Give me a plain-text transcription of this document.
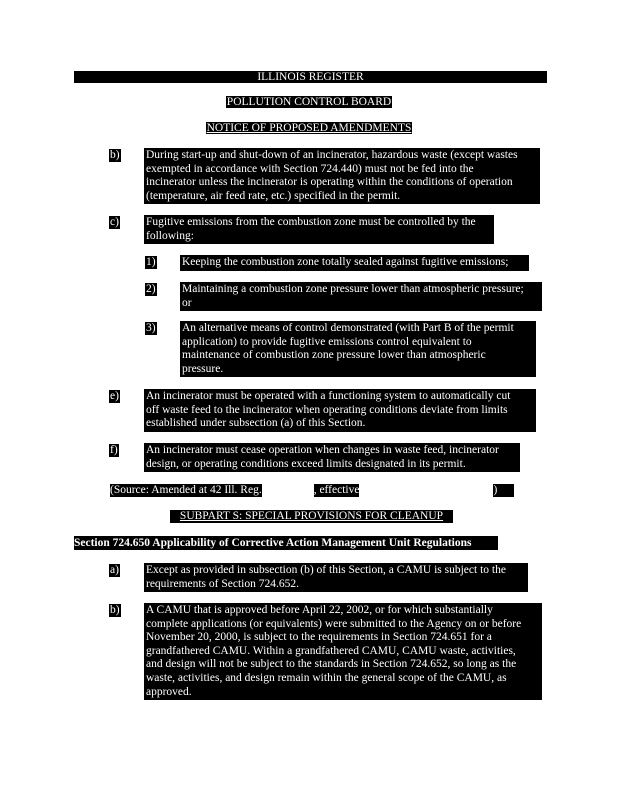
ILLINOIS REGISTER
POLLUTION CONTROL BOARD
NOTICE OF PROPOSED AMENDMENTS
b) During start-up and shut-down of an incinerator, hazardous waste (except wastes
exempted in accordance with Section 724.440) must not be fed into the
incinerator unless the incinerator is operating within the conditions of operation
(temperature, air feed rate, etc.) specified in the permit.
c) Fugitive emissions from the combustion zone must be controlled by the
following:
1) Keeping the combustion zone totally sealed against fugitive emissions;
2) Maintaining a combustion zone pressure lower than atmospheric pressure;
or
3) An alternative means of control demonstrated (with Part B of the permit
application) to provide fugitive emissions control equivalent to
maintenance of combustion zone pressure lower than atmospheric
pressure.
e) An incinerator must be operated with a functioning system to automatically cut
off waste feed to the incinerator when operating conditions deviate from limits
established under subsection (a) of this Section.
f) An incinerator must cease operation when changes in waste feed, incinerator
design, or operating conditions exceed limits designated in its permit.
(Source: Amended at 42 Ill. Reg.	, effective	)
SUBPART S: SPECIAL PROVISIONS FOR CLEANUP
Section 724.650 Applicability of Corrective Action Management Unit Regulations
a) Except as provided in subsection (b) of this Section, a CAMU is subject to the
requirements of Section 724.652.
b) A CAMU that is approved before April 22, 2002, or for which substantially
complete applications (or equivalents) were submitted to the Agency on or before
November 20, 2000, is subject to the requirements in Section 724.651 for a
grandfathered CAMU. Within a grandfathered CAMU, CAMU waste, activities,
and design will not be subject to the standards in Section 724.652, so long as the
waste, activities, and design remain within the general scope of the CAMU, as
approved.
